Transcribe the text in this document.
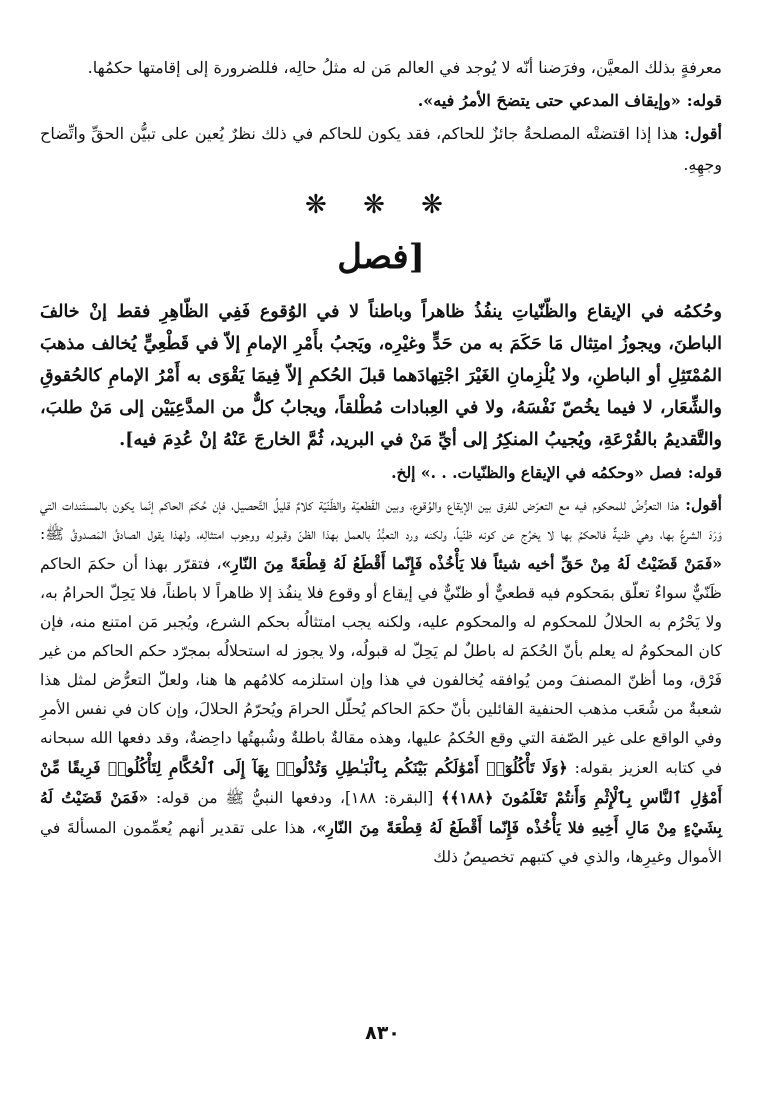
معرفةٍ بذلك المعيَّن، وفرَضنا أنّه لا يُوجد في العالم مَن له مثلُ حالِه، فللضرورة إلى إقامتها حكمُها.

قوله:«وإيقاف المدعي حتى يتضحَ الأمرُ فيه».

أقول:هذا إذا اقتضتْه المصلحةُ جائزٌ للحاكم، فقد يكون للحاكم في ذلك نظرٌ يُعين على تبيُّن الحقِّ واتِّضاح وجهِهِ.

❋ ❋ ❋
[فصل

وحُكمُه في الإيقاع والظّنّياتِ ينفُذُ ظاهراً وباطناً لا في الوُقوع فَفِي الظّاهِرِ فقط إنْ خالفَ الباطنَ، ويجوزُ امتِثال مَا حَكَمَ به من حَدٍّ وغيْرِه، ويَجبُ بأَمْرِ الإمامِ إلاّ في قَطْعِيٍّ يُخالف مذهبَ المُمْتَثِلِ أو الباطنِ، ولا يُلْزِمانِ الغَيْرَ اجْتِهادَهما قبلَ الحُكمِ إلاّ فِيمَا يَقْوَى به أَمْرُ الإمامِ كالحُقوقِ والشِّعَار، لا فيما يخُصّ نَفْسَهُ، ولا في العِبادات مُطْلقاً، ويجابُ كلٌّ من المدَّعِيَيْن إلى مَنْ طلبَ، والتَّقديمُ بالقُرْعَةِ، ويُجيبُ المنكِرُ إلى أيِّ مَنْ في البريد، ثُمَّ الخارجَ عَنْهُ إنْ عُدِمَ فيه].

قوله:فصل «وحكمُه في الإيقاع والظنّيات. . .» إلخ.

أقول:هذا التعرُّضُ للمحكوم فيه مع التعرّض للفرق بين الإيقاع والوُقوع، وبين القَطعيّة والظّنّيّة كلامٌ قليلُ التَّحصيل، فإن حُكمَ الحاكم إنّما يكون بالمستَندات التي وَرَدَ الشرعُ بها، وهي ظنيةٌ فالحكمُ بها لا يخرُج عن كونه ظنّياً، ولكنه ورد التعبُّدُ بالعمل بهذا الظنّ وقبولِه ووجوب امتثالِه، ولهذا يقول الصادقُ المَصدوقُ ﷺ: «فَمَنْ قَضَيْتُ لَهُ مِنْ حَقِّ أخيه شيئاً فلا يَأْخُذْه فَإِنّما أَقْطَعُ لَهُ قِطْعَةً مِنَ النّارِ»، فتقرّر بهذا أن حكمَ الحاكم ظَنّيٌّ سواءٌ تعلّق بمَحكوم فيه قطعيٌّ أو ظنّيٌّ في إيقاع أو وقوع فلا ينفُذ إلا ظاهراً لا باطناً، فلا يَحِلّ الحرامُ به، ولا يَحْرُم به الحلالُ للمحكوم له والمحكوم عليه، ولكنه يجب امتثالُه بحكم الشرع، ويُجبر مَن امتنع منه، فإن كان المحكومُ له يعلم بأنّ الحُكمَ له باطلٌ لم يَحِلّ له قبولُه، ولا يجوز له استحلالُه بمجرّد حكم الحاكم من غير فَرْق، وما أظنّ المصنفَ ومن يُوافقه يُخالفون في هذا وإن استلزمه كلامُهم ها هنا، ولعلّ التعرُّض لمثل هذا شعبةٌ من شُعَب مذهب الحنفية القائلين بأنّ حكمَ الحاكم يُحلّل الحرامَ ويُحرّمُ الحلالَ، وإن كان في نفس الأمرِ وفي الواقع على غير الصّفة التي وقع الحُكمُ عليها، وهذه مقالةٌ باطلةٌ وشُبهتُها داحِضةٌ، وقد دفعها الله سبحانه في كتابه العزيز بقوله: ﴿وَلَا تَأْكُلُوٓا۟ أَمْوَٰلَكُم بَيْنَكُم بِٱلْبَـٰطِلِ وَتُدْلُوا۟ بِهَآ إِلَى ٱلْحُكَّامِ لِتَأْكُلُوا۟ فَرِيقًا مِّنْ أَمْوَٰلِ ٱلنَّاسِ بِٱلْإِثْمِ وَأَنتُمْ تَعْلَمُونَ ﴿١٨٨﴾﴾ [البقرة: ١٨٨]، ودفعها النبيُّ ﷺ من قوله: «فَمَنْ قَضَيْتُ لَهُ بِشَيْءٍ مِنْ مَالِ أَخِيهِ فلا يَأْخُذْه فَإِنّما أَقْطَعُ لَهُ قِطْعَةً مِنَ النّارِ»، هذا على تقدير أنهم يُعمِّمون المسألةَ في الأموال وغيرِها، والذي في كتبهم تخصيصُ ذلك

٨٣٠
